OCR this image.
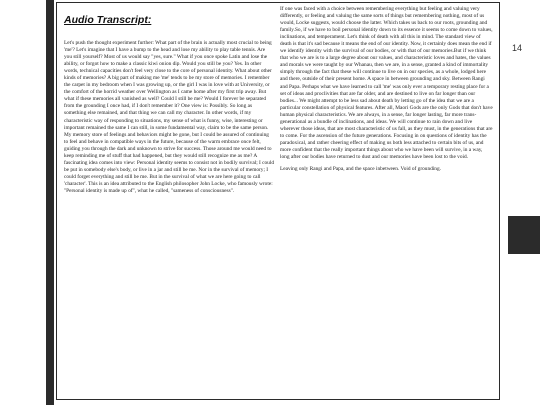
14
Audio Transcript:

Let's push the thought experiment further: What part of the brain is actually most crucial to being 'me'? Let's imagine that I have a bump to the head and lose my ability to play table tennis. Are you still yourself? Most of us would say "yes, sure." What if you once spoke Latin and lose the ability, or forgot how to make a classic kiwi onion dip. Would you still be you? Yes. In other words, technical capacities don't feel very close to the core of personal identity. What about other kinds of memories? A big part of making me 'me' tends to be my store of memories. I remember the carpet in my bedroom when I was growing up, or the girl I was in love with at University, or the comfort of the horrid weather over Wellington as I came home after my first trip away. But what if these memories all vanished as well? Could I still be me? Would I forever be separated from the grounding I once had, if I don't remember it? One view is: Possibly. So long as something else remained, and that thing we can call my character. In other words, if my characteristic way of responding to situations, my sense of what is funny, wise, interesting or important remained the same I can still, in some fundamental way, claim to be the same person. My memory store of feelings and behaviors might be gone, but I could be assured of continuing to feel and behave in compatible ways in the future, because of the warm embrace once felt, guiding you through the dark and unknown to strive for success. Those around me would need to keep reminding me of stuff that had happened, but they would still recognize me as me? A fascinating idea comes into view: Personal identity seems to consist not in bodily survival; I could be put in somebody else's body, or live in a jar and still be me. Nor in the survival of memory; I could forget everything and still be me. But in the survival of what we are here going to call 'character'. This is an idea attributed to the English philosopher John Locke, who famously wrote: "Personal identity is made up of", what he called, "sameness of consciousness".

If one was faced with a choice between remembering everything but feeling and valuing very differently, or feeling and valuing the same sorts of things but remembering nothing, most of us would, Locke suggests, would choose the latter. Which takes us back to our roots, grounding and family.So, if we have to boil personal identity down to its essence it seems to come down to values, inclinations, and temperament. Let's think of death with all this in mind. The standard view of death is that it's sad because it means the end of our identity. Now, it certainly does mean the end if we identify identity with the survival of our bodies, or with that of our memories.But if we think that who we are is to a large degree about our values, and characteristic loves and hates, the values and morals we were taught by our Whanau, then we are, in a sense, granted a kind of immortality simply through the fact that these will continue to live on in our species, as a whole, lodged here and there, outside of their present home. A space in between grounding and sky. Between Rangi and Papa. Perhaps what we have learned to call 'me' was only ever a temporary resting place for a set of ideas and proclivities that are far older, and are destined to live on far longer than our bodies... We might attempt to be less sad about death by letting go of the idea that we are a particular constellation of physical features. After all, Maori Gods are the only Gods that don't have human physical characteristics. We are always, in a sense, far longer lasting, far more trans-generational as a bundle of inclinations, and ideas. We will continue to rain down and live wherever those ideas, that are most characteristic of us fall, as they must, in the generations that are to come. For the ascension of the future generations. Focusing in on questions of identity has the paradoxical, and rather cheering effect of making us both less attached to certain bits of us, and more confident that the really important things about who we have been will survive, in a way, long after our bodies have returned to dust and our memories have been lost to the void.

Leaving only Rangi and Papa, and the space inbetween. Void of grounding.
